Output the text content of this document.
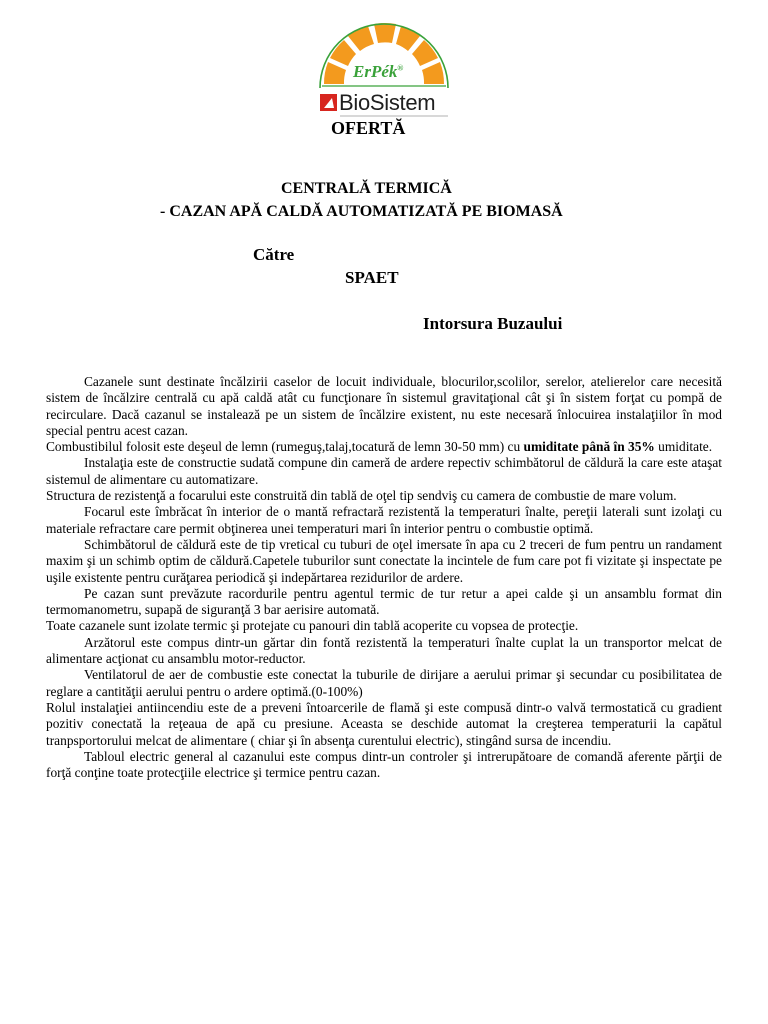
ErPék®
BioSistem
OFERTĂ
CENTRALĂ TERMICĂ
- CAZAN APĂ CALDĂ AUTOMATIZATĂ PE BIOMASĂ
Către
SPAET
Intorsura Buzaului

Cazanele sunt destinate încălzirii caselor de locuit individuale, blocurilor,scolilor, serelor, atelierelor care necesită sistem de încălzire centrală cu apă caldă atât cu funcţionare în sistemul gravitaţional cât şi în sistem forţat cu pompă de recirculare. Dacă cazanul se instalează pe un sistem de încălzire existent, nu este necesară înlocuirea instalaţiilor în mod special pentru acest cazan.

Combustibilul folosit este deşeul de lemn (rumeguş,talaj,tocatură de lemn 30-50 mm) cu umiditate până în 35% umiditate.

Instalaţia este de constructie sudată compune din cameră de ardere repectiv schimbătorul de căldură la care este ataşat sistemul de alimentare cu automatizare.

Structura de rezistenţă a focarului este construită din tablă de oţel tip sendviş cu camera de combustie de mare volum.

Focarul este îmbrăcat în interior de o mantă refractară rezistentă la temperaturi înalte, pereţii laterali sunt izolaţi cu materiale refractare care permit obţinerea unei temperaturi mari în interior pentru o combustie optimă.

Schimbătorul de căldură este de tip vretical cu tuburi de oţel imersate în apa cu 2 treceri de fum pentru un randament maxim şi un schimb optim de căldură.Capetele tuburilor sunt conectate la incintele de fum care pot fi vizitate şi inspectate pe uşile existente pentru curăţarea periodică şi indepărtarea rezidurilor de ardere.

Pe cazan sunt prevăzute racordurile pentru agentul termic de tur retur a apei calde şi un ansamblu format din termomanometru, supapă de siguranţă 3 bar aerisire automată.

Toate cazanele sunt izolate termic şi protejate cu panouri din tablă acoperite cu vopsea de protecţie.

Arzătorul este compus dintr-un gărtar din fontă rezistentă la temperaturi înalte cuplat la un transportor melcat de alimentare acţionat cu ansamblu motor-reductor.

Ventilatorul de aer de combustie este conectat la tuburile de dirijare a aerului primar şi secundar cu posibilitatea de reglare a cantităţii aerului pentru o ardere optimă.(0-100%)

Rolul instalaţiei antiincendiu este de a preveni întoarcerile de flamă şi este compusă dintr-o valvă termostatică cu gradient pozitiv conectată la reţeaua de apă cu presiune. Aceasta se deschide automat la creşterea temperaturii la capătul tranpsportorului melcat de alimentare ( chiar şi în absenţa curentului electric), stingând sursa de incendiu.

Tabloul electric general al cazanului este compus dintr-un controler şi intrerupătoare de comandă aferente părţii de forţă conţine toate protecţiile electrice şi termice pentru cazan.
